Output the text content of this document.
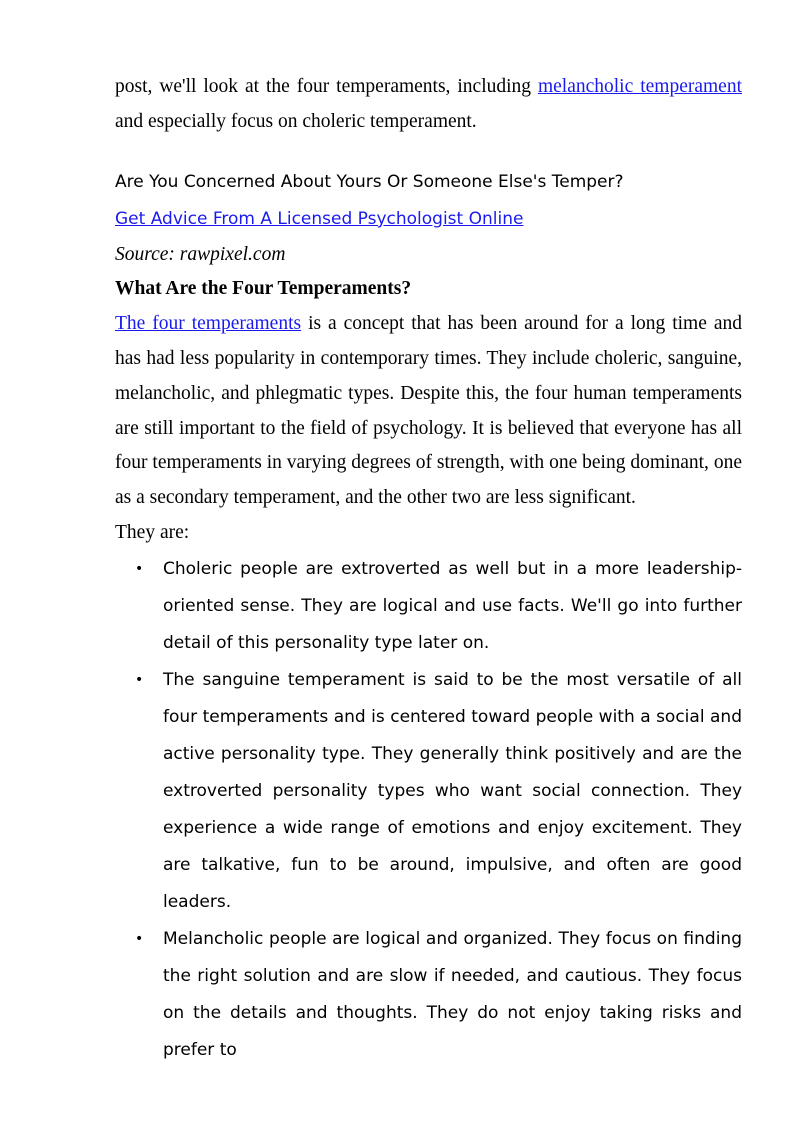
post, we'll look at the four temperaments, including melancholic temperament and especially focus on choleric temperament.

Are You Concerned About Yours Or Someone Else's Temper?

Get Advice From A Licensed Psychologist Online

Source: rawpixel.com

What Are the Four Temperaments?

The four temperaments is a concept that has been around for a long time and has had less popularity in contemporary times. They include choleric, sanguine, melancholic, and phlegmatic types. Despite this, the four human temperaments are still important to the field of psychology. It is believed that everyone has all four temperaments in varying degrees of strength, with one being dominant, one as a secondary temperament, and the other two are less significant.

They are:

• Choleric people are extroverted as well but in a more leadership-oriented sense. They are logical and use facts. We'll go into further detail of this personality type later on.
• The sanguine temperament is said to be the most versatile of all four temperaments and is centered toward people with a social and active personality type. They generally think positively and are the extroverted personality types who want social connection. They experience a wide range of emotions and enjoy excitement. They are talkative, fun to be around, impulsive, and often are good leaders.
• Melancholic people are logical and organized. They focus on finding the right solution and are slow if needed, and cautious. They focus on the details and thoughts. They do not enjoy taking risks and prefer to
